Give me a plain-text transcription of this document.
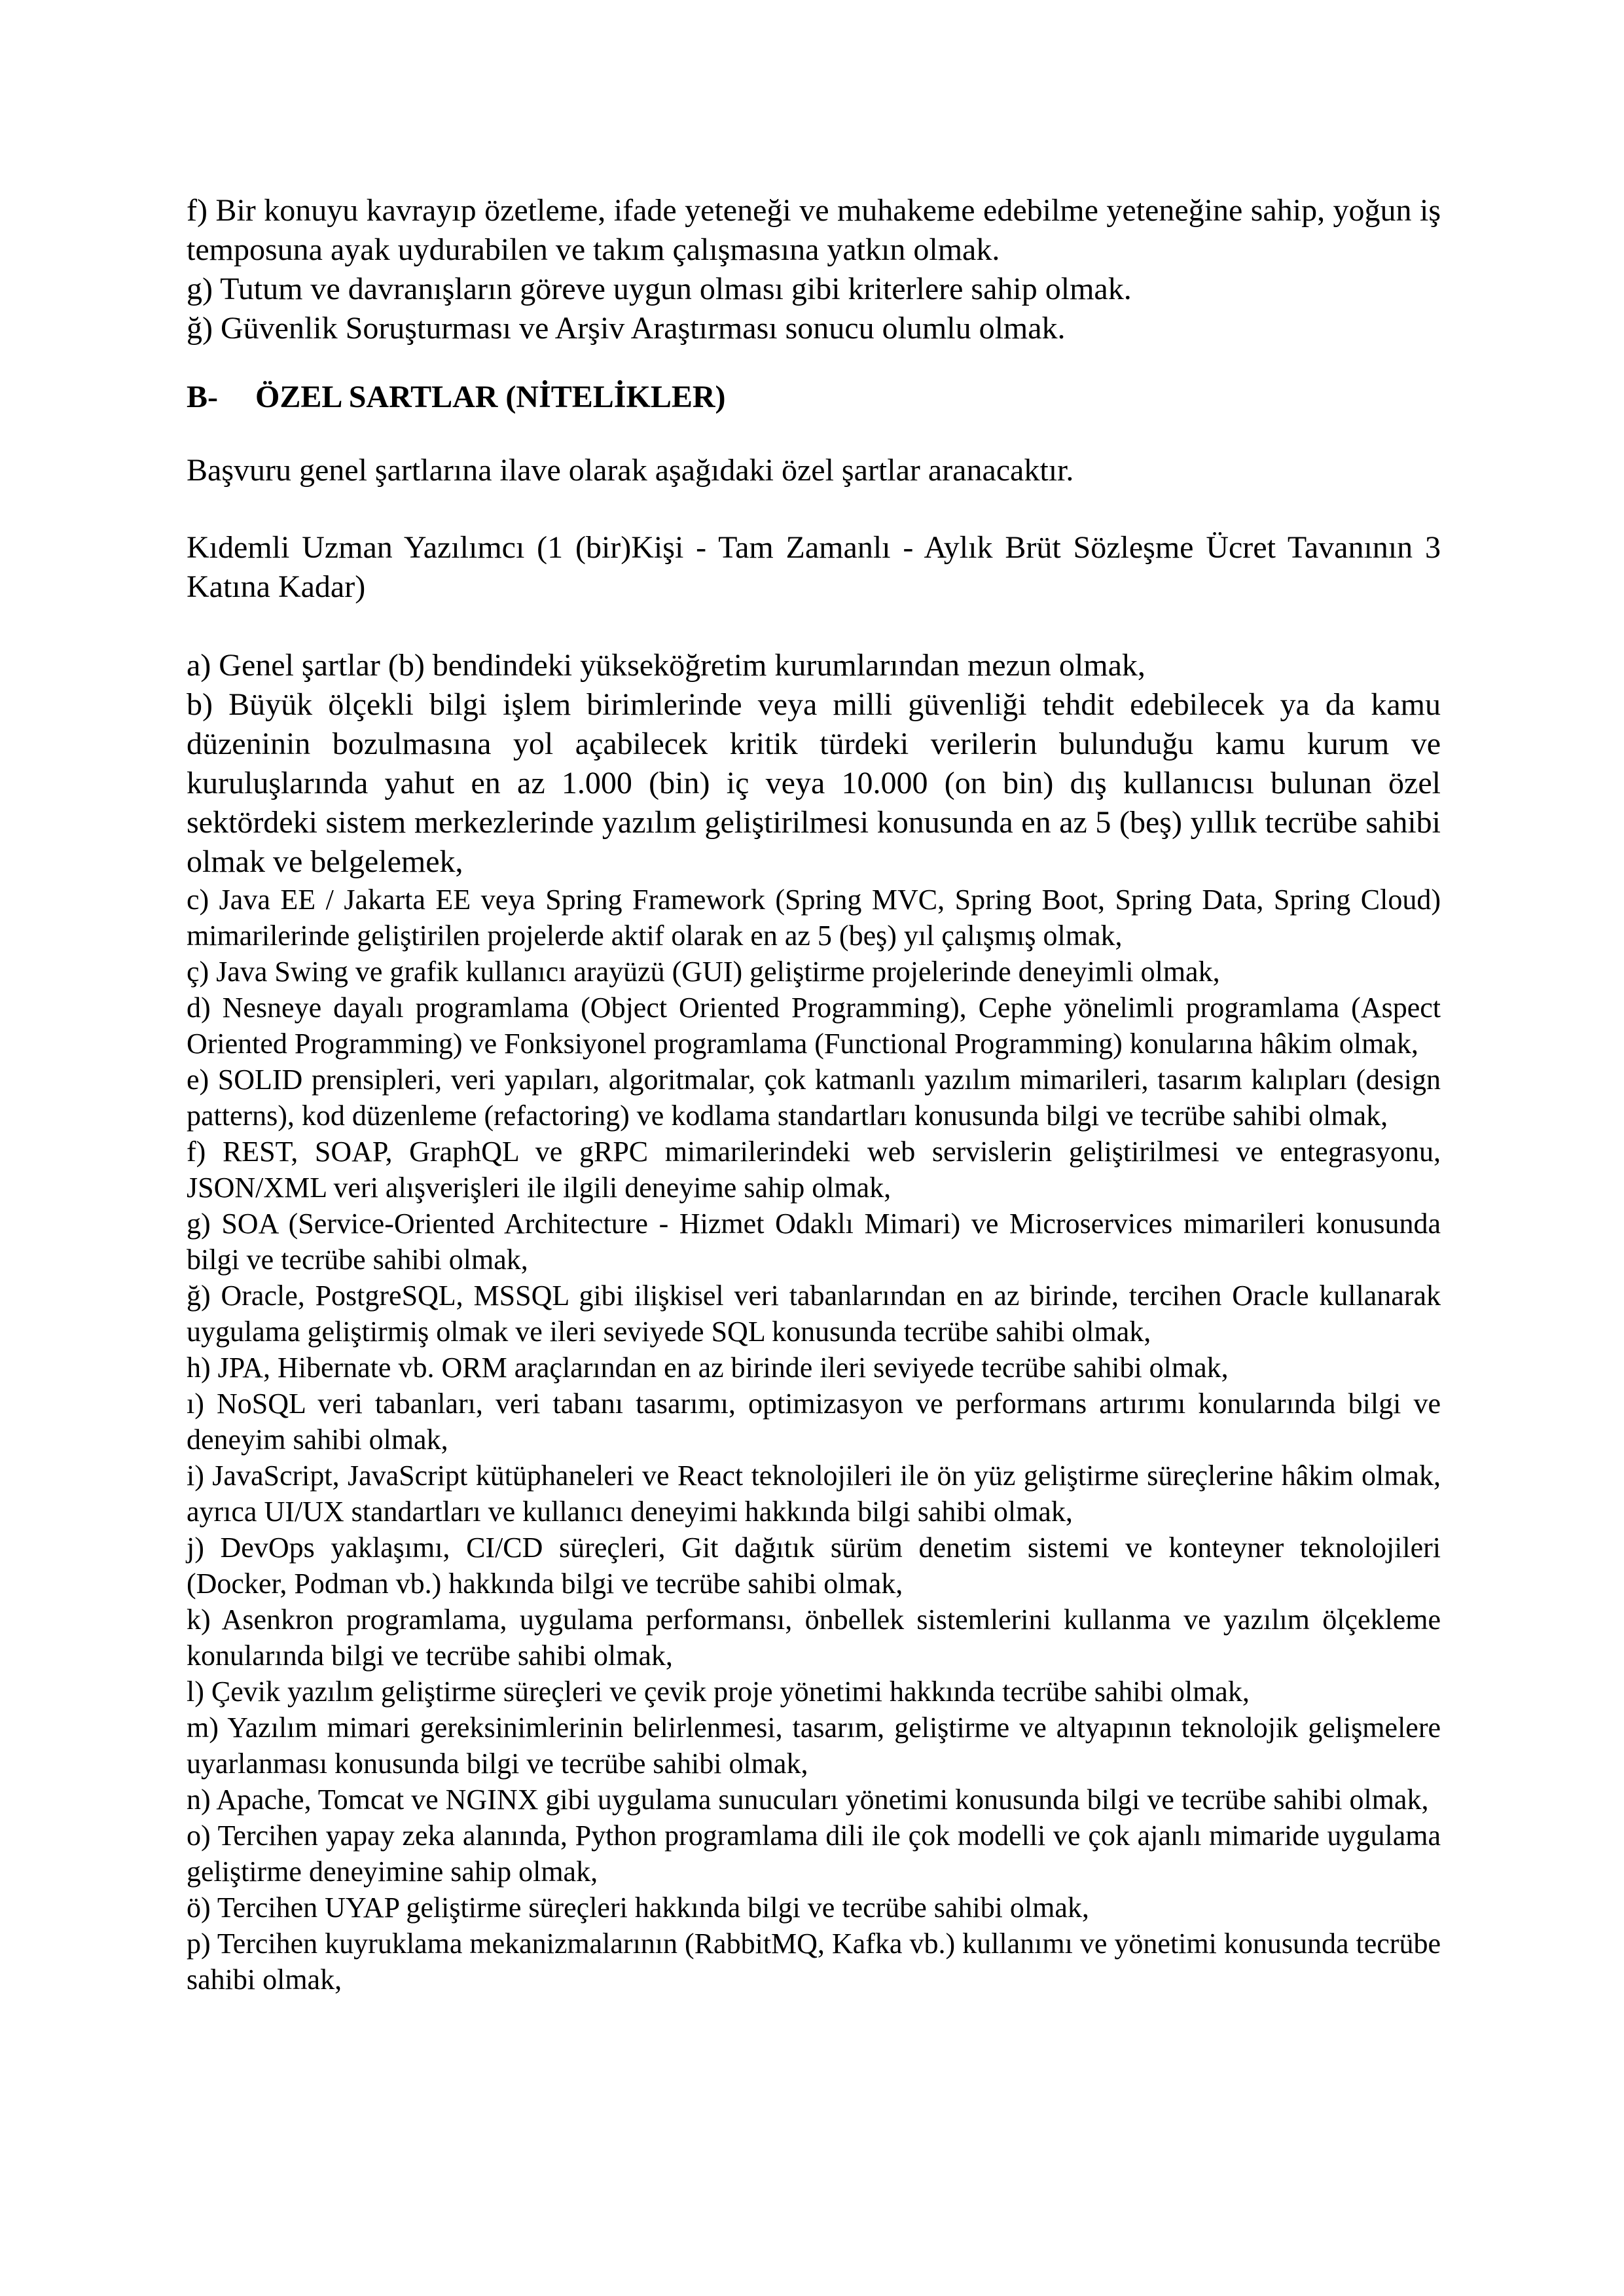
f) Bir konuyu kavrayıp özetleme, ifade yeteneği ve muhakeme edebilme yeteneğine sahip, yoğun iş temposuna ayak uydurabilen ve takım çalışmasına yatkın olmak.

g) Tutum ve davranışların göreve uygun olması gibi kriterlere sahip olmak.

ğ) Güvenlik Soruşturması ve Arşiv Araştırması sonucu olumlu olmak.

B-	ÖZEL SARTLAR (NİTELİKLER)

Başvuru genel şartlarına ilave olarak aşağıdaki özel şartlar aranacaktır.

Kıdemli Uzman Yazılımcı (1 (bir)Kişi - Tam Zamanlı - Aylık Brüt Sözleşme Ücret Tavanının 3 Katına Kadar)

a) Genel şartlar (b) bendindeki yükseköğretim kurumlarından mezun olmak,

b) Büyük ölçekli bilgi işlem birimlerinde veya milli güvenliği tehdit edebilecek ya da kamu düzeninin bozulmasına yol açabilecek kritik türdeki verilerin bulunduğu kamu kurum ve kuruluşlarında yahut en az 1.000 (bin) iç veya 10.000 (on bin) dış kullanıcısı bulunan özel sektördeki sistem merkezlerinde yazılım geliştirilmesi konusunda en az 5 (beş) yıllık tecrübe sahibi olmak ve belgelemek,

c) Java EE / Jakarta EE veya Spring Framework (Spring MVC, Spring Boot, Spring Data, Spring Cloud) mimarilerinde geliştirilen projelerde aktif olarak en az 5 (beş) yıl çalışmış olmak,

ç) Java Swing ve grafik kullanıcı arayüzü (GUI) geliştirme projelerinde deneyimli olmak,

d) Nesneye dayalı programlama (Object Oriented Programming), Cephe yönelimli programlama (Aspect Oriented Programming) ve Fonksiyonel programlama (Functional Programming) konularına hâkim olmak,

e) SOLID prensipleri, veri yapıları, algoritmalar, çok katmanlı yazılım mimarileri, tasarım kalıpları (design patterns), kod düzenleme (refactoring) ve kodlama standartları konusunda bilgi ve tecrübe sahibi olmak,

f) REST, SOAP, GraphQL ve gRPC mimarilerindeki web servislerin geliştirilmesi ve entegrasyonu, JSON/XML veri alışverişleri ile ilgili deneyime sahip olmak,

g) SOA (Service-Oriented Architecture - Hizmet Odaklı Mimari) ve Microservices mimarileri konusunda bilgi ve tecrübe sahibi olmak,

ğ) Oracle, PostgreSQL, MSSQL gibi ilişkisel veri tabanlarından en az birinde, tercihen Oracle kullanarak uygulama geliştirmiş olmak ve ileri seviyede SQL konusunda tecrübe sahibi olmak,

h) JPA, Hibernate vb. ORM araçlarından en az birinde ileri seviyede tecrübe sahibi olmak,

ı) NoSQL veri tabanları, veri tabanı tasarımı, optimizasyon ve performans artırımı konularında bilgi ve deneyim sahibi olmak,

i) JavaScript, JavaScript kütüphaneleri ve React teknolojileri ile ön yüz geliştirme süreçlerine hâkim olmak, ayrıca UI/UX standartları ve kullanıcı deneyimi hakkında bilgi sahibi olmak,

j) DevOps yaklaşımı, CI/CD süreçleri, Git dağıtık sürüm denetim sistemi ve konteyner teknolojileri (Docker, Podman vb.) hakkında bilgi ve tecrübe sahibi olmak,

k) Asenkron programlama, uygulama performansı, önbellek sistemlerini kullanma ve yazılım ölçekleme konularında bilgi ve tecrübe sahibi olmak,

l) Çevik yazılım geliştirme süreçleri ve çevik proje yönetimi hakkında tecrübe sahibi olmak,

m) Yazılım mimari gereksinimlerinin belirlenmesi, tasarım, geliştirme ve altyapının teknolojik gelişmelere uyarlanması konusunda bilgi ve tecrübe sahibi olmak,

n) Apache, Tomcat ve NGINX gibi uygulama sunucuları yönetimi konusunda bilgi ve tecrübe sahibi olmak,

o) Tercihen yapay zeka alanında, Python programlama dili ile çok modelli ve çok ajanlı mimaride uygulama geliştirme deneyimine sahip olmak,

ö) Tercihen UYAP geliştirme süreçleri hakkında bilgi ve tecrübe sahibi olmak,

p) Tercihen kuyruklama mekanizmalarının (RabbitMQ, Kafka vb.) kullanımı ve yönetimi konusunda tecrübe sahibi olmak,
